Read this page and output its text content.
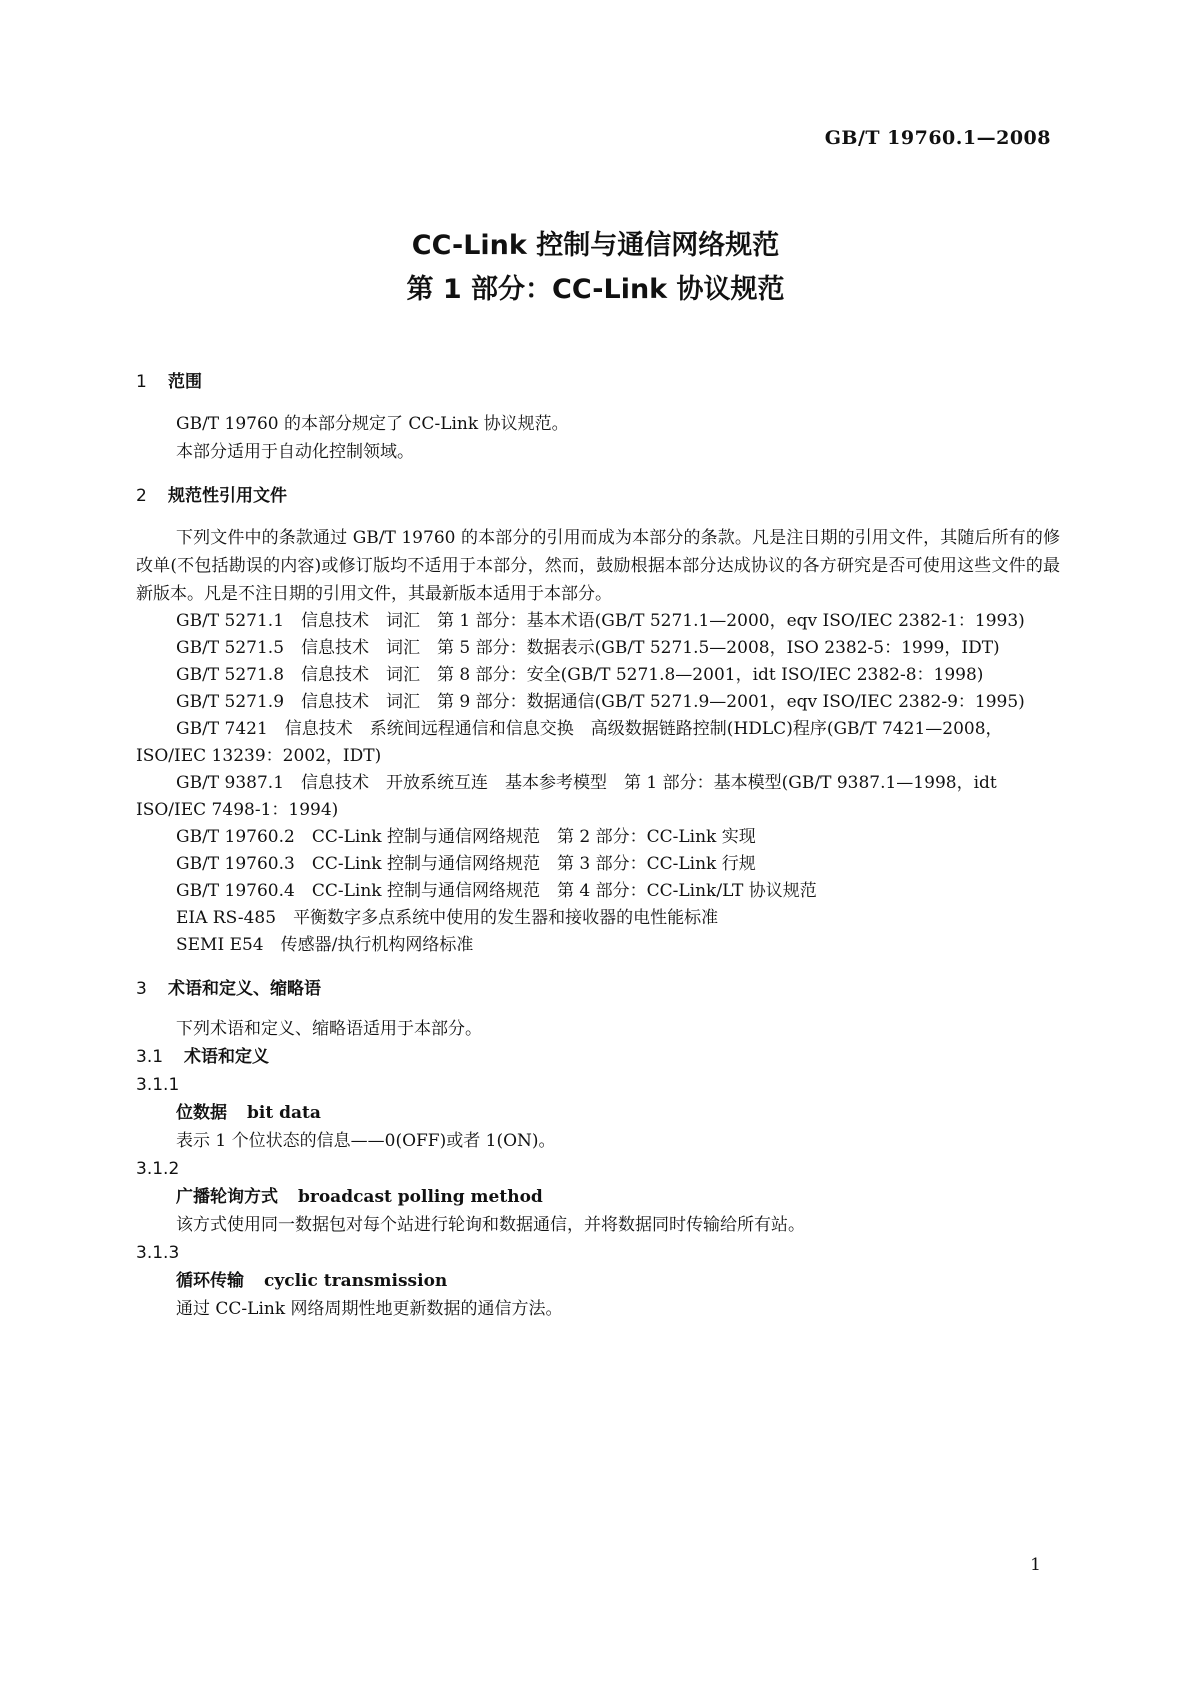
GB/T 19760.1—2008
CC-Link 控制与通信网络规范
第 1 部分：CC-Link 协议规范
1 范围

GB/T 19760 的本部分规定了 CC-Link 协议规范。

本部分适用于自动化控制领域。

2 规范性引用文件

下列文件中的条款通过 GB/T 19760 的本部分的引用而成为本部分的条款。凡是注日期的引用文件，其随后所有的修改单(不包括勘误的内容)或修订版均不适用于本部分，然而，鼓励根据本部分达成协议的各方研究是否可使用这些文件的最新版本。凡是不注日期的引用文件，其最新版本适用于本部分。

GB/T 5271.1　信息技术　词汇　第 1 部分：基本术语(GB/T 5271.1—2000，eqv ISO/IEC 2382-1：1993)

GB/T 5271.5　信息技术　词汇　第 5 部分：数据表示(GB/T 5271.5—2008，ISO 2382-5：1999，IDT)

GB/T 5271.8　信息技术　词汇　第 8 部分：安全(GB/T 5271.8—2001，idt ISO/IEC 2382-8：1998)

GB/T 5271.9　信息技术　词汇　第 9 部分：数据通信(GB/T 5271.9—2001，eqv ISO/IEC 2382-9：1995)

GB/T 7421　信息技术　系统间远程通信和信息交换　高级数据链路控制(HDLC)程序(GB/T 7421—2008，ISO/IEC 13239：2002，IDT)

GB/T 9387.1　信息技术　开放系统互连　基本参考模型　第 1 部分：基本模型(GB/T 9387.1—1998，idt ISO/IEC 7498-1：1994)

GB/T 19760.2　CC-Link 控制与通信网络规范　第 2 部分：CC-Link 实现

GB/T 19760.3　CC-Link 控制与通信网络规范　第 3 部分：CC-Link 行规

GB/T 19760.4　CC-Link 控制与通信网络规范　第 4 部分：CC-Link/LT 协议规范

EIA RS-485　平衡数字多点系统中使用的发生器和接收器的电性能标准

SEMI E54　传感器/执行机构网络标准

3 术语和定义、缩略语

下列术语和定义、缩略语适用于本部分。

3.1 术语和定义
3.1.1
位数据 bit data

表示 1 个位状态的信息——0(OFF)或者 1(ON)。

3.1.2
广播轮询方式 broadcast polling method

该方式使用同一数据包对每个站进行轮询和数据通信，并将数据同时传输给所有站。

3.1.3
循环传输 cyclic transmission

通过 CC-Link 网络周期性地更新数据的通信方法。

1
